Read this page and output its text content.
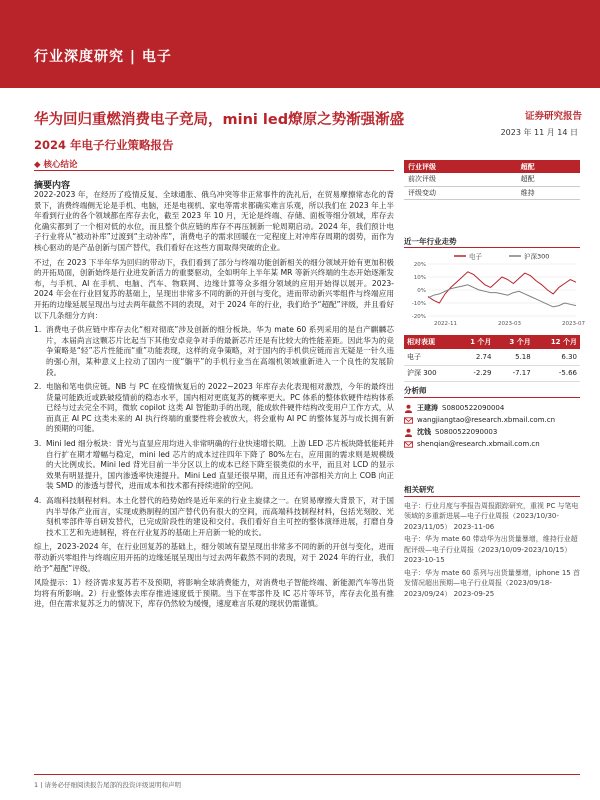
行业深度研究 | 电子
华为回归重燃消费电子竞局，mini led燎原之势渐强渐盛	证券研究报告
2023 年 11 月 14 日
2024 年电子行业策略报告
◆ 核心结论
摘要内容

2022-2023 年，在经历了疫情反复、全球通胀、俄乌冲突等非正常事件的洗礼后，在贸易摩擦常态化的背景下，消费终端侧无论是手机、电脑，还是电视机、家电等需求都确实难言乐观，所以我们在 2023 年上半年看到行业的各个领域都在库存去化，截至 2023 年 10 月，无论是终端、存储、面板等细分领域，库存去化确实都到了一个相对低的水位，而且整个供应链的库存不再压制新一轮周期启动。2024 年，我们预计电子行业将从“被动补库”过渡到“主动补库”，消费电子的需求回暖在一定程度上对冲库存周期的弱势，而作为核心驱动的是产品创新与国产替代，我们看好在这些方面取得突破的企业。

不过，在 2023 下半年华为回归的带动下，我们看到了部分与终端功能创新相关的细分领域开始有更加积极的开拓局面，创新始终是行业进发新活力的重要驱动，全如明年上半年某 MR 等新兴终端的生态开始逐渐发布，与手机、AI 在手机、电脑、汽车、物联网、边缘计算等众多细分领域的应用开始得以展开。2023-2024 年会在行业回复苏的基础上，呈现出非常多不同的新的开创与变化，进而带动新兴零组件与终端应用开拓的边缘延展呈现出与过去两年截然不同的表现，对于 2024 年的行业，我们给予“超配”评级，并且看好以下几条细分方向：

1. 消费电子供应链中库存去化“相对彻底”涉及创新的细分板块。华为 mate 60 系列采用的是自产麒麟芯片，本届尚言这颗芯片比起当下其他安卓竞争对手的最新芯片还是有比较大的性能差距。因此华为的竞争策略是“轻”芯片性能而“重”功能表现，这样的竞争策略，对于国内的手机供应链而言无疑是一针久违的强心剂，某种意义上拉动了国内一度“躺平”的手机行业当在高端机领域重新进入一个良性的发展阶段。
2. 电脑和笔电供应链。NB 与 PC 在疫情恢复后的 2022~2023 年库存去化表现相对激烈，今年的最终出货量可能跌近或跌破疫情前的稳态水平，国内相对更底复苏的概率更大。PC 体系的整体软硬件结构体系已经与过去完全不同，微软 copilot 这类 AI 智能助手的出现，能成软件硬件结构改变用户工作方式，从而真正 AI PC 这类未来的 AI 执行终端的重要性将会被放大，将会重构 AI PC 的整体复苏与成长拥有新的预期的可能。
3. Mini led 细分板块：背光与直显应用均进入非常明确的行业快速增长期。上游 LED 芯片板块降低能耗并自行扩在期才增幅与稳定，mini led 芯片的成本过往四年下降了 80%左右，应用面的需求则是规模级的大比例成长。Mini led 背光目前一半分区以上的成本已经下降至很类似的水平，而且对 LCD 的显示效果有明显提升，国内渗透率快速提升。Mini Led 直显还很早期，而且还有冲部相关方向上 COB 向正装 SMD 的渗透与替代，进而成本和技术都有持续进阶的空间。
4. 高端科技制程材料。本土化替代的趋势始终是近年来的行业主旋律之一。在贸易摩擦大背景下，对于国内半导体产业而言，实现成熟制程的国产替代仍有很大的空间，而高端科技制程材料，包括光刻胶、光刻机零部件等自研发替代，已完成阶段性的建设和交付。我们看好自主可控的整体演绎进展，打磨自身技术工艺和先进制程，将在行业复苏的基础上开启新一轮的成长。

综上，2023-2024 年，在行业回复苏的基础上，细分领域有望呈现出非常多不同的新的开创与变化，进而带动新兴零组件与终端应用开拓的边缘延展呈现出与过去两年截然不同的表现，对于 2024 年的行业，我们给予“超配”评级。

风险提示：1）经济需求复苏若不及预期，将影响全球消费能力，对消费电子智能终端、新能源汽车等出货均将有所影响。2）行业整体去库存推进速度低于预期。当下在零部件及 IC 芯片等环节，库存去化虽有推进，但在需求复苏乏力的情况下，库存仍然较为缓慢，速度难言乐观的现状仍需谨慎。

行业评级	超配
前次评级	超配
评级变动	维持
近一年行业走势
电子	沪深300
20%
10%
0%
-10%
-20%
2022-11	2023-03	2023-07
相对表现	1 个月	3 个月	12 个月
电子	2.74	5.18	6.30
沪深 300	-2.29	-7.17	-5.66
分析师
王建涛 S0800522090004
wangjiangtao@research.xbmail.com.cn
沈钱 S0800522090003
shenqian@research.xbmail.com.cn
相关研究
电子：行业月度与季报告周报跟踪研究，重视 PC 与笔电领域的多重新进展—电子行业周报（2023/10/30-2023/11/05） 2023-11-06
电子：华为 mate 60 带动华为出货量暴增，维持行业超配评级—电子行业周报（2023/10/09-2023/10/15） 2023-10-15
电子：华为 mate 60 系列与出货量暴增，iphone 15 首发情况超出预期—电子行业周报（2023/09/18-2023/09/24） 2023-09-25
1 | 请务必仔细阅读报告尾部的投资评级说明和声明
